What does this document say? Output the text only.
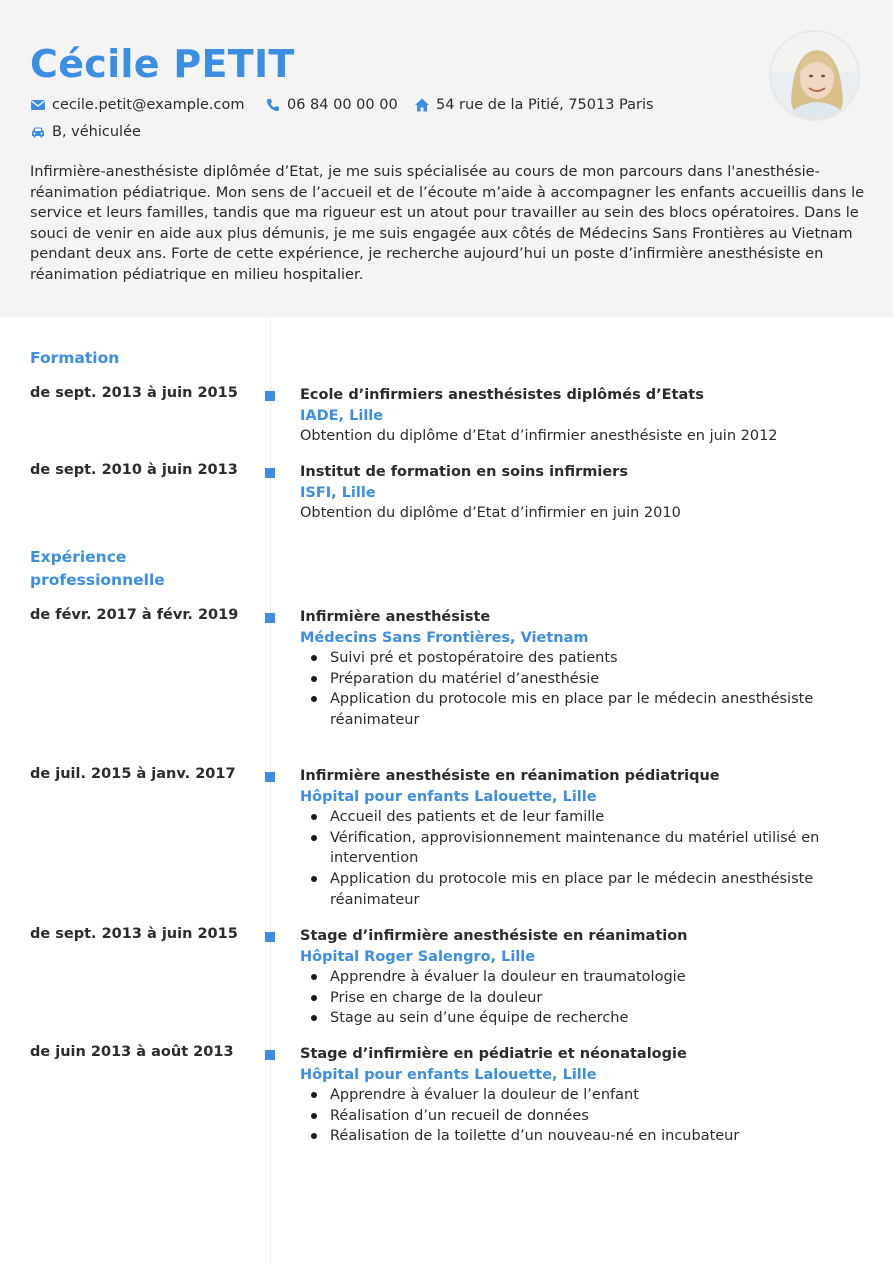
Cécile PETIT
cecile.petit@example.com	06 84 00 00 00	54 rue de la Pitié, 75013 Paris
B, véhiculée
Infirmière-anesthésiste diplômée d’Etat, je me suis spécialisée au cours de mon parcours dans l'anesthésie-réanimation pédiatrique. Mon sens de l’accueil et de l’écoute m’aide à accompagner les enfants accueillis dans le service et leurs familles, tandis que ma rigueur est un atout pour travailler au sein des blocs opératoires. Dans le souci de venir en aide aux plus démunis, je me suis engagée aux côtés de Médecins Sans Frontières au Vietnam pendant deux ans. Forte de cette expérience, je recherche aujourd’hui un poste d’infirmière anesthésiste en réanimation pédiatrique en milieu hospitalier.
Formation
de sept. 2013 à juin 2015	Ecole d’infirmiers anesthésistes diplômés d’Etats
IADE, Lille
Obtention du diplôme d’Etat d’infirmier anesthésiste en juin 2012
de sept. 2010 à juin 2013	Institut de formation en soins infirmiers
ISFI, Lille
Obtention du diplôme d’Etat d’infirmier en juin 2010
Expérience
professionnelle
de févr. 2017 à févr. 2019	Infirmière anesthésiste
Médecins Sans Frontières, Vietnam
Suivi pré et postopératoire des patients
Préparation du matériel d’anesthésie
Application du protocole mis en place par le médecin anesthésiste réanimateur
de juil. 2015 à janv. 2017	Infirmière anesthésiste en réanimation pédiatrique
Hôpital pour enfants Lalouette, Lille
Accueil des patients et de leur famille
Vérification, approvisionnement maintenance du matériel utilisé en intervention
Application du protocole mis en place par le médecin anesthésiste réanimateur
de sept. 2013 à juin 2015	Stage d’infirmière anesthésiste en réanimation
Hôpital Roger Salengro, Lille
Apprendre à évaluer la douleur en traumatologie
Prise en charge de la douleur
Stage au sein d’une équipe de recherche
de juin 2013 à août 2013	Stage d’infirmière en pédiatrie et néonatalogie
Hôpital pour enfants Lalouette, Lille
Apprendre à évaluer la douleur de l’enfant
Réalisation d’un recueil de données
Réalisation de la toilette d’un nouveau-né en incubateur
